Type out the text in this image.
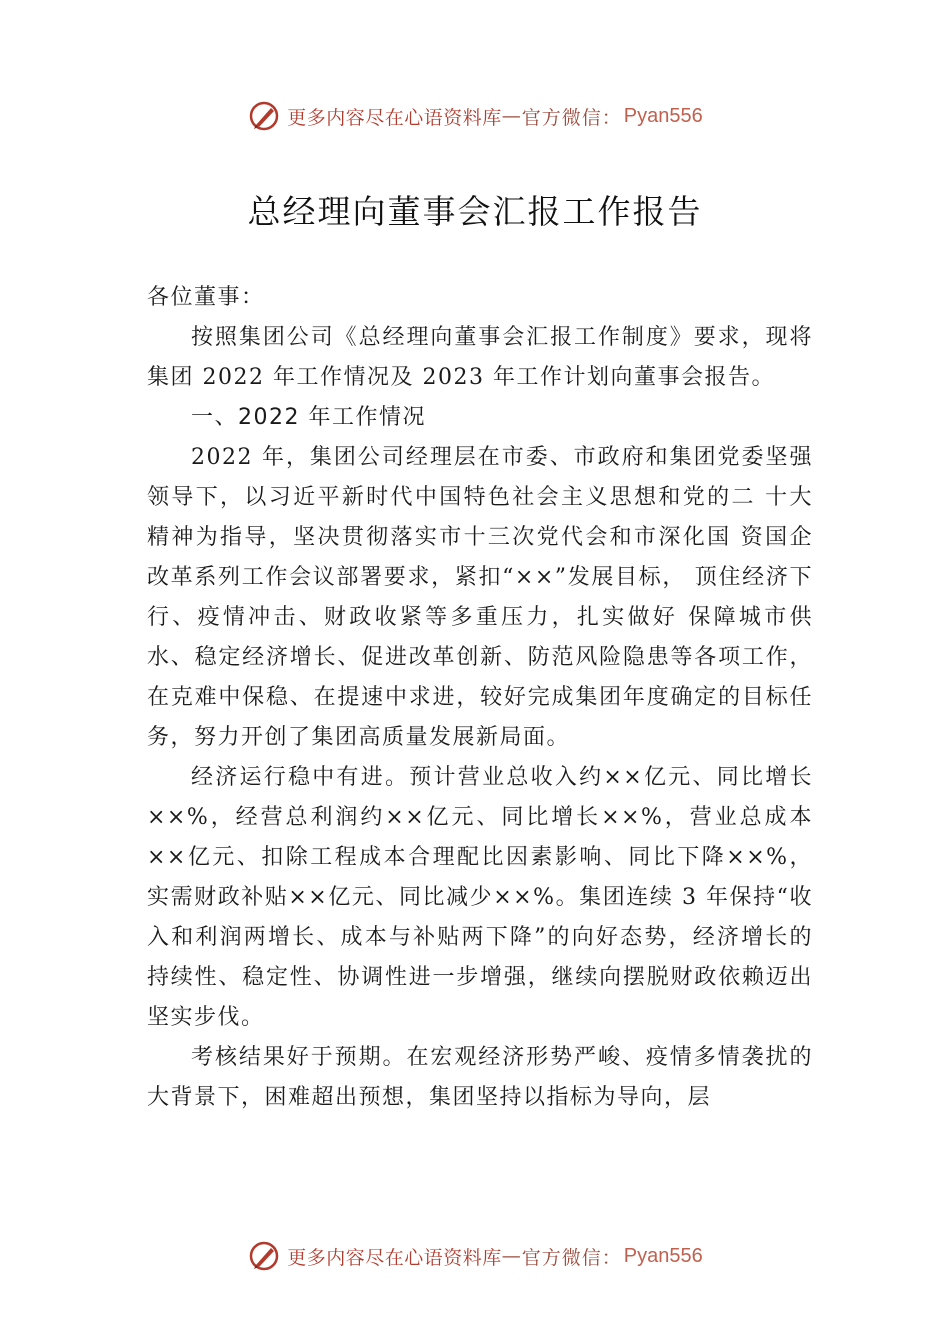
更多内容尽在心语资料库 — 官方微信： Pyan556
总经理向董事会汇报工作报告

各位董事：

按照集团公司《总经理向董事会汇报工作制度》要求，现将集团 2022 年工作情况及 2023 年工作计划向董事会报告。

一、2022 年工作情况

2022 年，集团公司经理层在市委、市政府和集团党委坚强领导下，以习近平新时代中国特色社会主义思想和党的二 十大精神为指导，坚决贯彻落实市十三次党代会和市深化国 资国企改革系列工作会议部署要求，紧扣“××”发展目标， 顶住经济下行、疫情冲击、财政收紧等多重压力，扎实做好 保障城市供水、稳定经济增长、促进改革创新、防范风险隐患等各项工作，在克难中保稳、在提速中求进，较好完成集团年度确定的目标任务，努力开创了集团高质量发展新局面。

经济运行稳中有进。预计营业总收入约××亿元、同比增长××%，经营总利润约××亿元、同比增长××%，营业总成本××亿元、扣除工程成本合理配比因素影响、同比下降××%，实需财政补贴××亿元、同比减少××%。集团连续 3 年保持“收入和利润两增长、成本与补贴两下降”的向好态势，经济增长的持续性、稳定性、协调性进一步增强，继续向摆脱财政依赖迈出坚实步伐。

考核结果好于预期。在宏观经济形势严峻、疫情多情袭扰的大背景下，困难超出预想，集团坚持以指标为导向，层

更多内容尽在心语资料库 — 官方微信： Pyan556
